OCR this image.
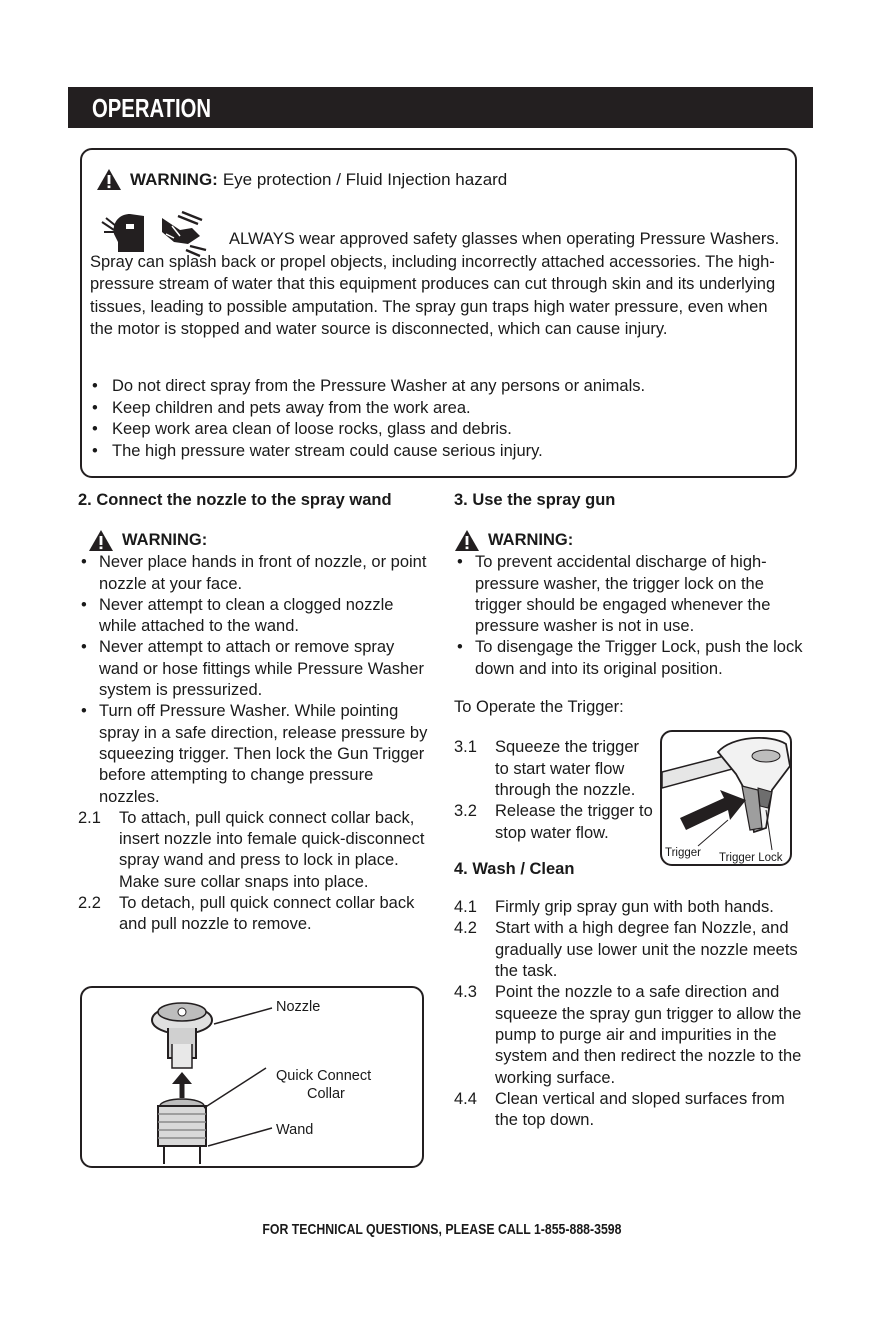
OPERATION
WARNING: Eye protection / Fluid Injection hazard
ALWAYS wear approved safety glasses when operating Pressure Washers. Spray can splash back or propel objects, including incorrectly attached accessories. The high-pressure stream of water that this equipment produces can cut through skin and its underlying tissues, leading to possible amputation. The spray gun traps high water pressure, even when the motor is stopped and water source is disconnected, which can cause injury.
• Do not direct spray from the Pressure Washer at any persons or animals.
• Keep children and pets away from the work area.
• Keep work area clean of loose rocks, glass and debris.
• The high pressure water stream could cause serious injury.

2. Connect the nozzle to the spray wand

WARNING:
• Never place hands in front of nozzle, or point nozzle at your face.
• Never attempt to clean a clogged nozzle while attached to the wand.
• Never attempt to attach or remove spray wand or hose fittings while Pressure Washer system is pressurized.
• Turn off Pressure Washer. While pointing spray in a safe direction, release pressure by squeezing trigger. Then lock the Gun Trigger before attempting to change pressure nozzles.
2.1 To attach, pull quick connect collar back, insert nozzle into female quick-disconnect spray wand and press to lock in place. Make sure collar snaps into place.
2.2 To detach, pull quick connect collar back and pull nozzle to remove.
Nozzle
Quick Connect
Collar
Wand

3. Use the spray gun

WARNING:
• To prevent accidental discharge of high-pressure washer, the trigger lock on the trigger should be engaged whenever the pressure washer is not in use.
• To disengage the Trigger Lock, push the lock down and into its original position.

To Operate the Trigger:

3.1 Squeeze the trigger to start water flow through the nozzle.
3.2 Release the trigger to stop water flow.

4. Wash / Clean

4.1 Firmly grip spray gun with both hands.
4.2 Start with a high degree fan Nozzle, and gradually use lower unit the nozzle meets the task.
4.3 Point the nozzle to a safe direction and squeeze the spray gun trigger to allow the pump to purge air and impurities in the system and then redirect the nozzle to the working surface.
4.4 Clean vertical and sloped surfaces from the top down.
Trigger Trigger Lock
FOR TECHNICAL QUESTIONS, PLEASE CALL 1-855-888-3598
